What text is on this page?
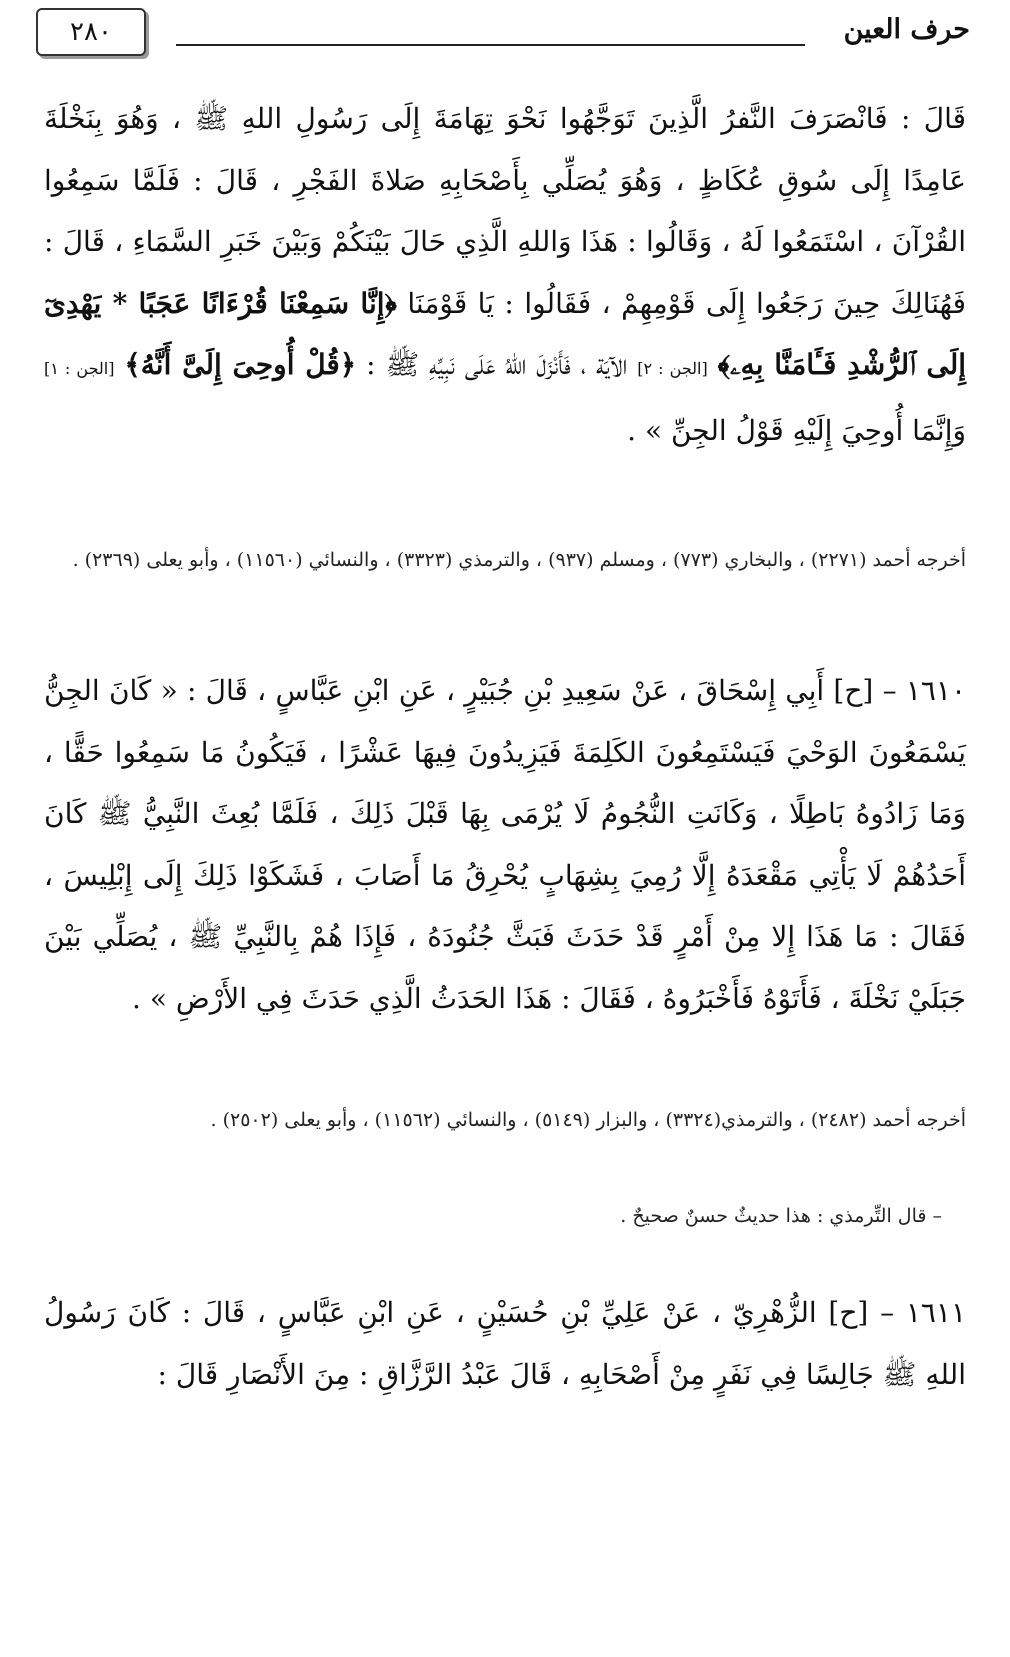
٢٨٠	حرف العين
قَالَ : فَانْصَرَفَ النَّفرُ الَّذِينَ تَوَجَّهُوا نَحْوَ تِهَامَةَ إِلَى رَسُولِ اللهِ ﷺ ، وَهُوَ بِنَخْلَةَ عَامِدًا إِلَى سُوقِ عُكَاظٍ ، وَهُوَ يُصَلِّي بِأَصْحَابِهِ صَلاةَ الفَجْرِ ، قَالَ : فَلَمَّا سَمِعُوا القُرْآنَ ، اسْتَمَعُوا لَهُ ، وَقَالُوا : هَذَا وَاللهِ الَّذِي حَالَ بَيْنَكُمْ وَبَيْنَ خَبَرِ السَّمَاءِ ، قَالَ : فَهُنَالِكَ حِينَ رَجَعُوا إِلَى قَوْمِهِمْ ، فَقَالُوا : يَا قَوْمَنَا ﴿إِنَّا سَمِعْنَا قُرْءَانًا عَجَبًا * يَهْدِىٓ إِلَى ٱلرُّشْدِ فَـَٔامَنَّا بِهِۦ﴾ [الجن : ٢] الآيَة ، فَأَنْزَلَ اللهُ عَلَى نَبِيِّهِ ﷺ : ﴿قُلْ أُوحِىَ إِلَىَّ أَنَّهُ﴾ [الجن : ١] وَإِنَّمَا أُوحِيَ إِلَيْهِ قَوْلُ الجِنِّ » .
أخرجه أحمد (٢٢٧١) ، والبخاري (٧٧٣) ، ومسلم (٩٣٧) ، والترمذي (٣٣٢٣) ، والنسائي (١١٥٦٠) ، وأبو يعلى (٢٣٦٩) .
١٦١٠ – [ح] أَبِي إِسْحَاقَ ، عَنْ سَعِيدِ بْنِ جُبَيْرٍ ، عَنِ ابْنِ عَبَّاسٍ ، قَالَ : « كَانَ الجِنُّ يَسْمَعُونَ الوَحْيَ فَيَسْتَمِعُونَ الكَلِمَةَ فَيَزِيدُونَ فِيهَا عَشْرًا ، فَيَكُونُ مَا سَمِعُوا حَقًّا ، وَمَا زَادُوهُ بَاطِلًا ، وَكَانَتِ النُّجُومُ لَا يُرْمَى بِهَا قَبْلَ ذَلِكَ ، فَلَمَّا بُعِثَ النَّبِيُّ ﷺ كَانَ أَحَدُهُمْ لَا يَأْتِي مَقْعَدَهُ إِلَّا رُمِيَ بِشِهَابٍ يُحْرِقُ مَا أَصَابَ ، فَشَكَوْا ذَلِكَ إِلَى إِبْلِيسَ ، فَقَالَ : مَا هَذَا إِلا مِنْ أَمْرٍ قَدْ حَدَثَ فَبَثَّ جُنُودَهُ ، فَإِذَا هُمْ بِالنَّبِيِّ ﷺ ، يُصَلِّي بَيْنَ جَبَلَيْ نَخْلَةَ ، فَأَتَوْهُ فَأَخْبَرُوهُ ، فَقَالَ : هَذَا الحَدَثُ الَّذِي حَدَثَ فِي الأَرْضِ » .
أخرجه أحمد (٢٤٨٢) ، والترمذي(٣٣٢٤) ، والبزار (٥١٤٩) ، والنسائي (١١٥٦٢) ، وأبو يعلى (٢٥٠٢) .
– قال التِّرمذي : هذا حديثٌ حسنٌ صحيحٌ .
١٦١١ – [ح] الزُّهْرِيّ ، عَنْ عَلِيِّ بْنِ حُسَيْنٍ ، عَنِ ابْنِ عَبَّاسٍ ، قَالَ : كَانَ رَسُولُ اللهِ ﷺ جَالِسًا فِي نَفَرٍ مِنْ أَصْحَابِهِ ، قَالَ عَبْدُ الرَّزَّاقِ : مِنَ الأَنْصَارِ قَالَ :
